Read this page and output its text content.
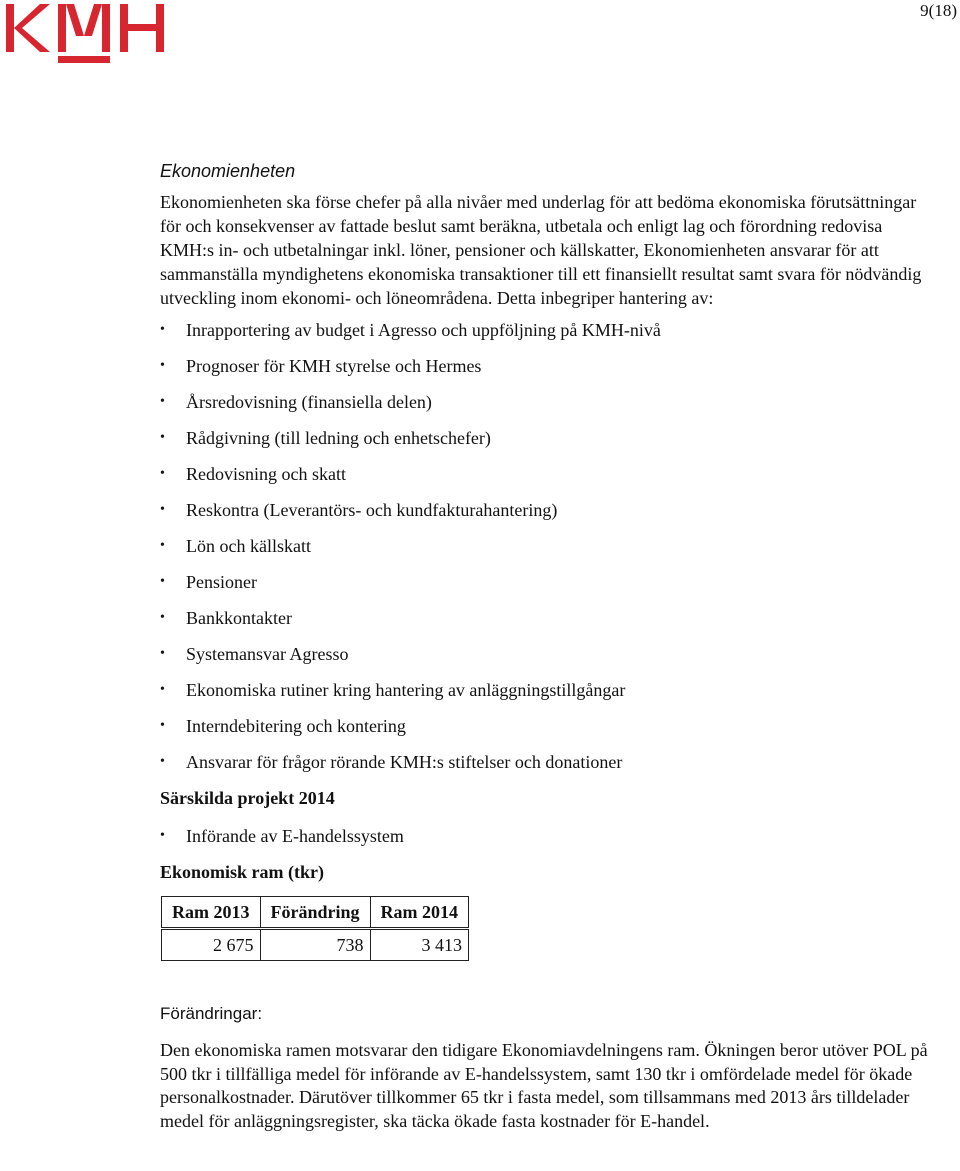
9(18)
Ekonomienheten

Ekonomienheten ska förse chefer på alla nivåer med underlag för att bedöma ekonomiska förutsättningar för och konsekvenser av fattade beslut samt beräkna, utbetala och enligt lag och förordning redovisa KMH:s in- och utbetalningar inkl. löner, pensioner och källskatter, Ekonomienheten ansvarar för att sammanställa myndighetens ekonomiska transaktioner till ett finansiellt resultat samt svara för nödvändig utveckling inom ekonomi- och löneområdena. Detta inbegriper hantering av:

• Inrapportering av budget i Agresso och uppföljning på KMH-nivå
• Prognoser för KMH styrelse och Hermes
• Årsredovisning (finansiella delen)
• Rådgivning (till ledning och enhetschefer)
• Redovisning och skatt
• Reskontra (Leverantörs- och kundfakturahantering)
• Lön och källskatt
• Pensioner
• Bankkontakter
• Systemansvar Agresso
• Ekonomiska rutiner kring hantering av anläggningstillgångar
• Interndebitering och kontering
• Ansvarar för frågor rörande KMH:s stiftelser och donationer
Särskilda projekt 2014
• Införande av E-handelssystem
Ekonomisk ram (tkr)
Ram 2013	Förändring	Ram 2014
2 675	738	3 413
Förändringar:

Den ekonomiska ramen motsvarar den tidigare Ekonomiavdelningens ram. Ökningen beror utöver POL på 500 tkr i tillfälliga medel för införande av E-handelssystem, samt 130 tkr i omfördelade medel för ökade personalkostnader. Därutöver tillkommer 65 tkr i fasta medel, som tillsammans med 2013 års tilldelader medel för anläggningsregister, ska täcka ökade fasta kostnader för E-handel.
